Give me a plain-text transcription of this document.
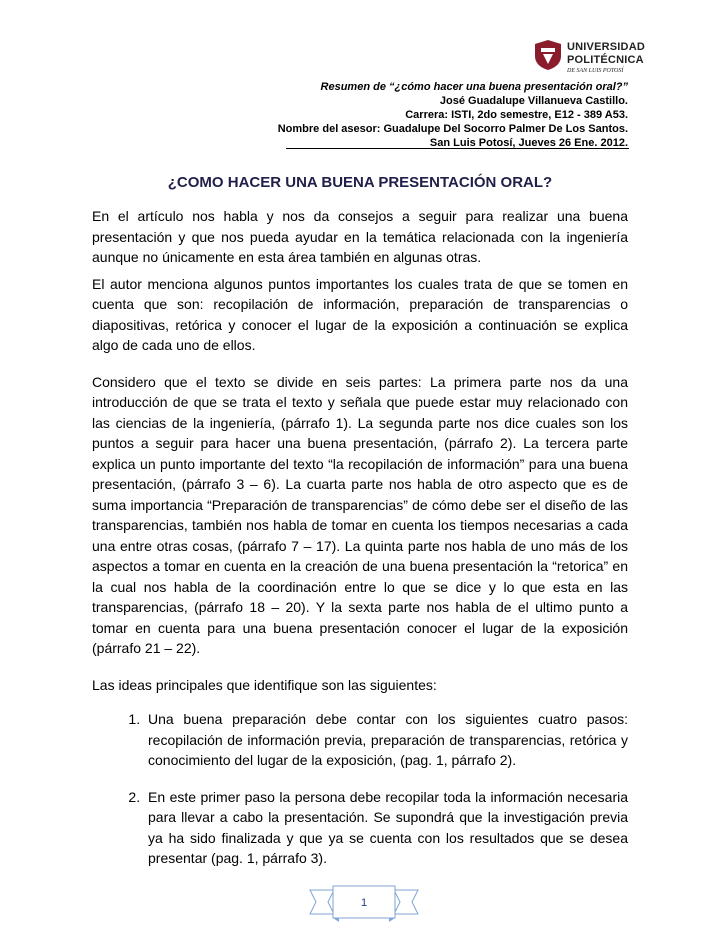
UNIVERSIDAD
POLITÉCNICA
DE SAN LUIS POTOSÍ
Resumen de “¿cómo hacer una buena presentación oral?”
José Guadalupe Villanueva Castillo.
Carrera: ISTI, 2do semestre, E12 - 389 A53.
Nombre del asesor: Guadalupe Del Socorro Palmer De Los Santos.
San Luis Potosí, Jueves 26 Ene. 2012.
¿COMO HACER UNA BUENA PRESENTACIÓN ORAL?

En el artículo nos habla y nos da consejos a seguir para realizar una buena presentación y que nos pueda ayudar en la temática relacionada con la ingeniería aunque no únicamente en esta área también en algunas otras.

El autor menciona algunos puntos importantes los cuales trata de que se tomen en cuenta que son: recopilación de información, preparación de transparencias o diapositivas, retórica y conocer el lugar de la exposición a continuación se explica algo de cada uno de ellos.

Considero que el texto se divide en seis partes: La primera parte nos da una introducción de que se trata el texto y señala que puede estar muy relacionado con las ciencias de la ingeniería, (párrafo 1). La segunda parte nos dice cuales son los puntos a seguir para hacer una buena presentación, (párrafo 2). La tercera parte explica un punto importante del texto “la recopilación de información” para una buena presentación, (párrafo 3 – 6). La cuarta parte nos habla de otro aspecto que es de suma importancia “Preparación de transparencias” de cómo debe ser el diseño de las transparencias, también nos habla de tomar en cuenta los tiempos necesarias a cada una entre otras cosas, (párrafo 7 – 17). La quinta parte nos habla de uno más de los aspectos a tomar en cuenta en la creación de una buena presentación la “retorica” en la cual nos habla de la coordinación entre lo que se dice y lo que esta en las transparencias, (párrafo 18 – 20). Y la sexta parte nos habla de el ultimo punto a tomar en cuenta para una buena presentación conocer el lugar de la exposición (párrafo 21 – 22).

Las ideas principales que identifique son las siguientes:

1. Una buena preparación debe contar con los siguientes cuatro pasos: recopilación de información previa, preparación de transparencias, retórica y conocimiento del lugar de la exposición, (pag. 1, párrafo 2).
2. En este primer paso la persona debe recopilar toda la información necesaria para llevar a cabo la presentación. Se supondrá que la investigación previa ya ha sido finalizada y que ya se cuenta con los resultados que se desea presentar (pag. 1, párrafo 3).
1
